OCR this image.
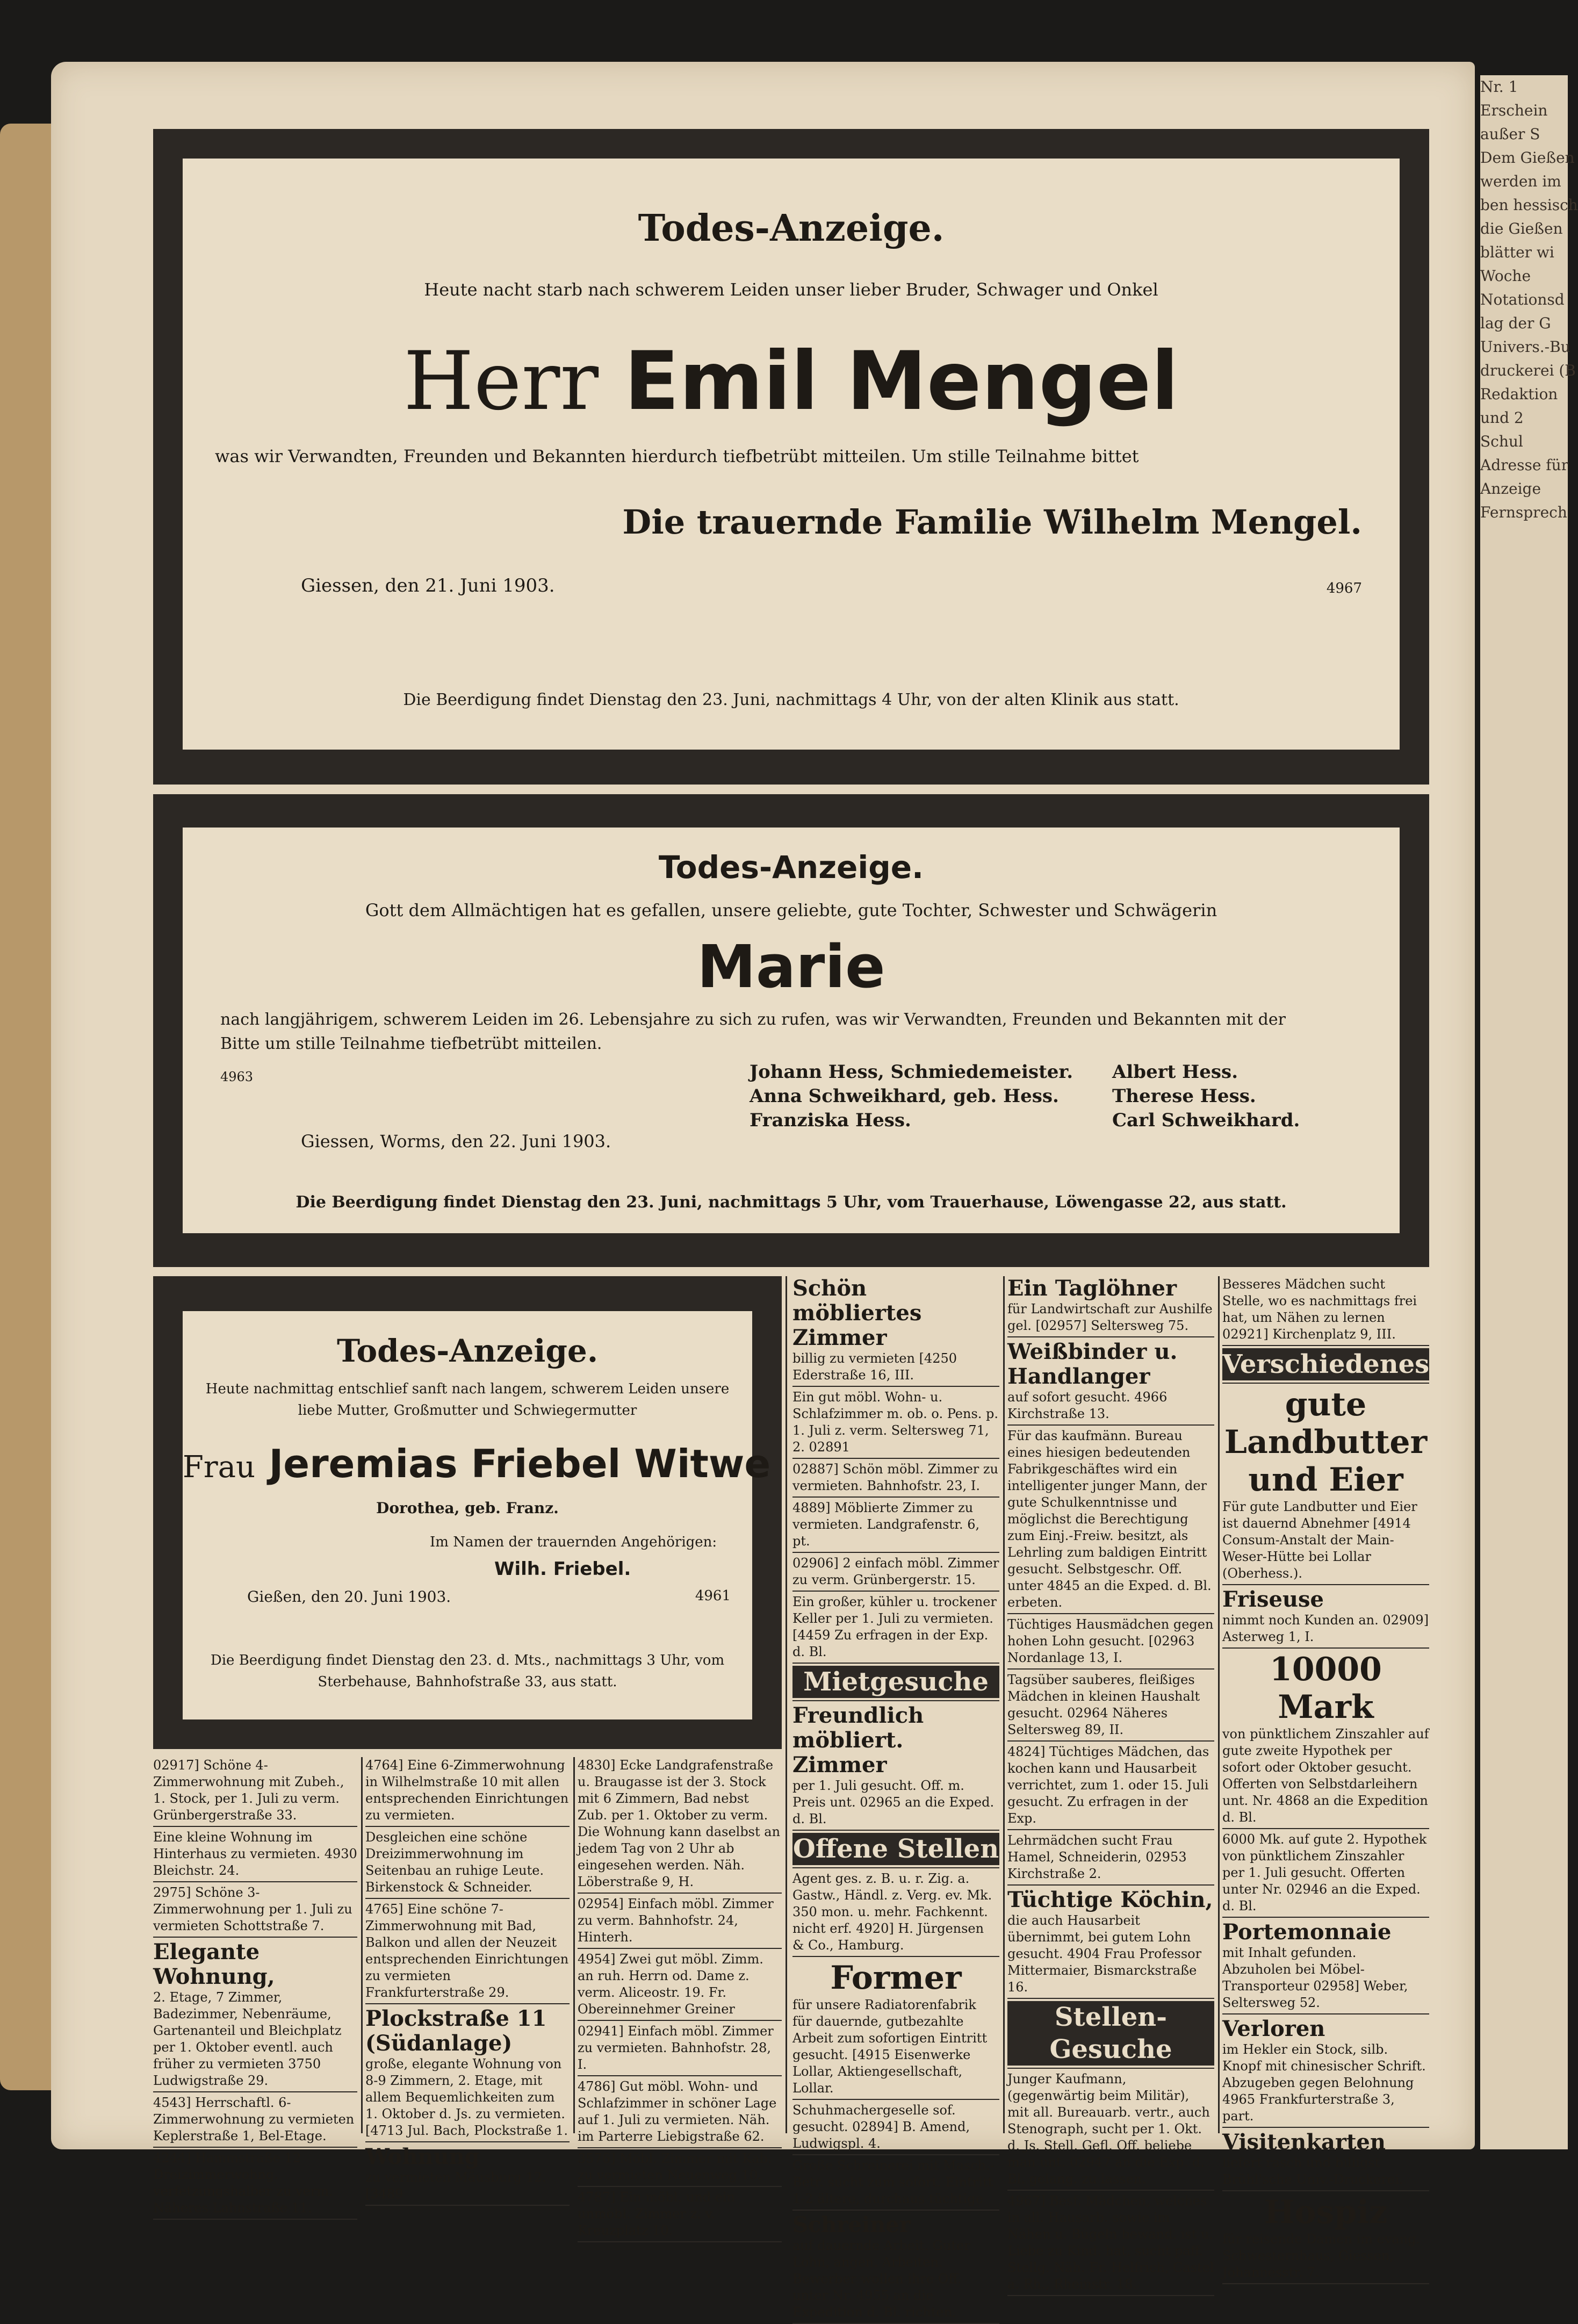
Nr. 1
Erschein
außer S
Dem Gießen
werden im
ben hessisch
die Gießen
blätter wi
Woche
Notationsd
lag der G
Univers.-Bu
druckerei (B
Redaktion
und 2
Schul
Adresse für
Anzeige
Fernsprech
Todes-Anzeige.
Heute nacht starb nach schwerem Leiden unser lieber Bruder, Schwager und Onkel
Herr Emil Mengel
was wir Verwandten, Freunden und Bekannten hierdurch tiefbetrübt mitteilen. Um stille Teilnahme bittet
Die trauernde Familie Wilhelm Mengel.
Giessen, den 21. Juni 1903.	4967
Die Beerdigung findet Dienstag den 23. Juni, nachmittags 4 Uhr, von der alten Klinik aus statt.
Todes-Anzeige.
Gott dem Allmächtigen hat es gefallen, unsere geliebte, gute Tochter, Schwester und Schwägerin
Marie
nach langjährigem, schwerem Leiden im 26. Lebensjahre zu sich zu rufen, was wir Verwandten, Freunden und Bekannten mit der
Bitte um stille Teilnahme tiefbetrübt mitteilen.
4963	Johann Hess, Schmiedemeister.
Anna Schweikhard, geb. Hess.
Franziska Hess.
Albert Hess.
Therese Hess.
Carl Schweikhard.
Giessen, Worms, den 22. Juni 1903.
Die Beerdigung findet Dienstag den 23. Juni, nachmittags 5 Uhr, vom Trauerhause, Löwengasse 22, aus statt.
Todes-Anzeige.
Heute nachmittag entschlief sanft nach langem, schwerem Leiden unsere
liebe Mutter, Großmutter und Schwiegermutter
Frau Jeremias Friebel Witwe
Dorothea, geb. Franz.
Im Namen der trauernden Angehörigen:
Wilh. Friebel.
Gießen, den 20. Juni 1903.	4961
Die Beerdigung findet Dienstag den 23. d. Mts., nachmittags 3 Uhr, vom
Sterbehause, Bahnhofstraße 33, aus statt.
02917] Schöne 4-Zimmerwohnung mit Zubeh., 1. Stock, per 1. Juli zu verm. Grünbergerstraße 33.
Eine kleine Wohnung im Hinterhaus zu vermieten. 4930 Bleichstr. 24.
2975] Schöne 3-Zimmerwohnung per 1. Juli zu vermieten Schottstraße 7.
Elegante Wohnung,
2. Etage, 7 Zimmer, Badezimmer, Nebenräume, Gartenanteil und Bleichplatz per 1. Oktober eventl. auch früher zu vermieten 3750 Ludwigstraße 29.
4543] Herrschaftl. 6-Zimmerwohnung zu vermieten Keplerstraße 1, Bel-Etage.
4244] Hammstraße 12 Dreizimmerwohng. verfetzungshalber zu verm. Näheres Lahnstraße 11.
4764] Eine 6-Zimmerwohnung in Wilhelmstraße 10 mit allen entsprechenden Einrichtungen zu vermieten.
Desgleichen eine schöne Dreizimmerwohnung im Seitenbau an ruhige Leute. Birkenstock & Schneider.
4765] Eine schöne 7-Zimmerwohnung mit Bad, Balkon und allen der Neuzeit entsprechenden Einrichtungen zu vermieten Frankfurterstraße 29.
Plockstraße 11 (Südanlage)
große, elegante Wohnung von 8-9 Zimmern, 2. Etage, mit allem Bequemlichkeiten zum 1. Oktober d. Js. zu vermieten. [4713 Jul. Bach, Plockstraße 1.
Wohnung
zu vermieten Mäusburg 12. [3489
4830] Ecke Landgrafenstraße u. Braugasse ist der 3. Stock mit 6 Zimmern, Bad nebst Zub. per 1. Oktober zu verm. Die Wohnung kann daselbst an jedem Tag von 2 Uhr ab eingesehen werden. Näh. Löberstraße 9, H.
02954] Einfach möbl. Zimmer zu verm. Bahnhofstr. 24, Hinterh.
4954] Zwei gut möbl. Zimm. an ruh. Herrn od. Dame z. verm. Aliceostr. 19. Fr. Obereinnehmer Greiner
02941] Einfach möbl. Zimmer zu vermieten. Bahnhofstr. 28, I.
4786] Gut möbl. Wohn- und Schlafzimmer in schöner Lage auf 1. Juli zu vermieten. Näh. im Parterre Liebigstraße 62.
3576] Möbl. Zimmer mit Kab. zu vermieten Neuenweg 10.
4787] Ein möbl. und ein unmöbl. Zimmer z. v. Kreuzplatz 10.
Schön möbliertes Zimmer
billig zu vermieten [4250 Ederstraße 16, III.
Ein gut möbl. Wohn- u. Schlafzimmer m. ob. o. Pens. p. 1. Juli z. verm. Seltersweg 71, 2. 02891
02887] Schön möbl. Zimmer zu vermieten. Bahnhofstr. 23, I.
4889] Möblierte Zimmer zu vermieten. Landgrafenstr. 6, pt.
02906] 2 einfach möbl. Zimmer zu verm. Grünbergerstr. 15.
Ein großer, kühler u. trockener Keller per 1. Juli zu vermieten. [4459 Zu erfragen in der Exp. d. Bl.
Mietgesuche
Freundlich möbliert. Zimmer
per 1. Juli gesucht. Off. m. Preis unt. 02965 an die Exped. d. Bl.
Offene Stellen
Agent ges. z. B. u. r. Zig. a. Gastw., Händl. z. Verg. ev. Mk. 350 mon. u. mehr. Fachkennt. nicht erf. 4920] H. Jürgensen & Co., Hamburg.
Former
für unsere Radiatorenfabrik für dauernde, gutbezahlte Arbeit zum sofortigen Eintritt gesucht. [4915 Eisenwerke Lollar, Aktiengesellschaft, Lollar.
Schuhmachergeselle sof. gesucht. 02894] B. Amend, Ludwigspl. 4.
Große Schreinerei mit Masch.-Betr. sucht zum sofort. Eintritt 1-2 ältere, durchaus tüchtige
Schreiner
auf dauernde Arbeit. Guter Lohn, angen. Arbeiten. Bewerber wollen ihre Off. unter Nr. 4955 an die Expedition d. Bl. richten.
Ein Taglöhner
für Landwirtschaft zur Aushilfe gel. [02957] Seltersweg 75.
Weißbinder u. Handlanger
auf sofort gesucht. 4966 Kirchstraße 13.
Für das kaufmänn. Bureau eines hiesigen bedeutenden Fabrikgeschäftes wird ein intelligenter junger Mann, der gute Schulkenntnisse und möglichst die Berechtigung zum Einj.-Freiw. besitzt, als Lehrling zum baldigen Eintritt gesucht. Selbstgeschr. Off. unter 4845 an die Exped. d. Bl. erbeten.
Tüchtiges Hausmädchen gegen hohen Lohn gesucht. [02963 Nordanlage 13, I.
Tagsüber sauberes, fleißiges Mädchen in kleinen Haushalt gesucht. 02964 Näheres Seltersweg 89, II.
4824] Tüchtiges Mädchen, das kochen kann und Hausarbeit verrichtet, zum 1. oder 15. Juli gesucht. Zu erfragen in der Exp.
Lehrmädchen sucht Frau Hamel, Schneiderin, 02953 Kirchstraße 2.
Tüchtige Köchin,
die auch Hausarbeit übernimmt, bei gutem Lohn gesucht. 4904 Frau Professor Mittermaier, Bismarckstraße 16.
Stellen-Gesuche
Junger Kaufmann, (gegenwärtig beim Militär), mit all. Bureauarb. vertr., auch Stenograph, sucht per 1. Okt. d. Js. Stell. Gefl. Off. beliebe man unt. 02947 an die Exp. d. Bl. gelang. zu lassen.
4967] Besf. Mädchen, welches in all. Hausarb. sowie im Nähen u. Bügeln bewand. ist u. Liebe zu Kind. hat, sucht paff. Stellg. Näh. Fr. Helfrich, Castel a. Rh., Rheinstr. 18.
Besseres Mädchen sucht Stelle, wo es nachmittags frei hat, um Nähen zu lernen 02921] Kirchenplatz 9, III.
Verschiedenes
gute Landbutter und Eier
Für gute Landbutter und Eier ist dauernd Abnehmer [4914 Consum-Anstalt der Main-Weser-Hütte bei Lollar (Oberhess.).
Friseuse
nimmt noch Kunden an. 02909] Asterweg 1, I.
10000 Mark
von pünktlichem Zinszahler auf gute zweite Hypothek per sofort oder Oktober gesucht. Offerten von Selbstdarleihern unt. Nr. 4868 an die Expedition d. Bl.
6000 Mk. auf gute 2. Hypothek von pünktlichem Zinszahler per 1. Juli gesucht. Offerten unter Nr. 02946 an die Exped. d. Bl.
Portemonnaie
mit Inhalt gefunden. Abzuholen bei Möbel-Transporteur 02958] Weber, Seltersweg 52.
Verloren
im Hekler ein Stock, silb. Knopf mit chinesischer Schrift. Abzugeben gegen Belohnung 4965 Frankfurterstraße 3, part.
Visitenkarten
liefert rasch und billigst Brühl'sche Univ.-Druckerei.
Hospiz
für reisende Damen im evang. Schwesternhaus, Giessen, Johannesstr. 7.
